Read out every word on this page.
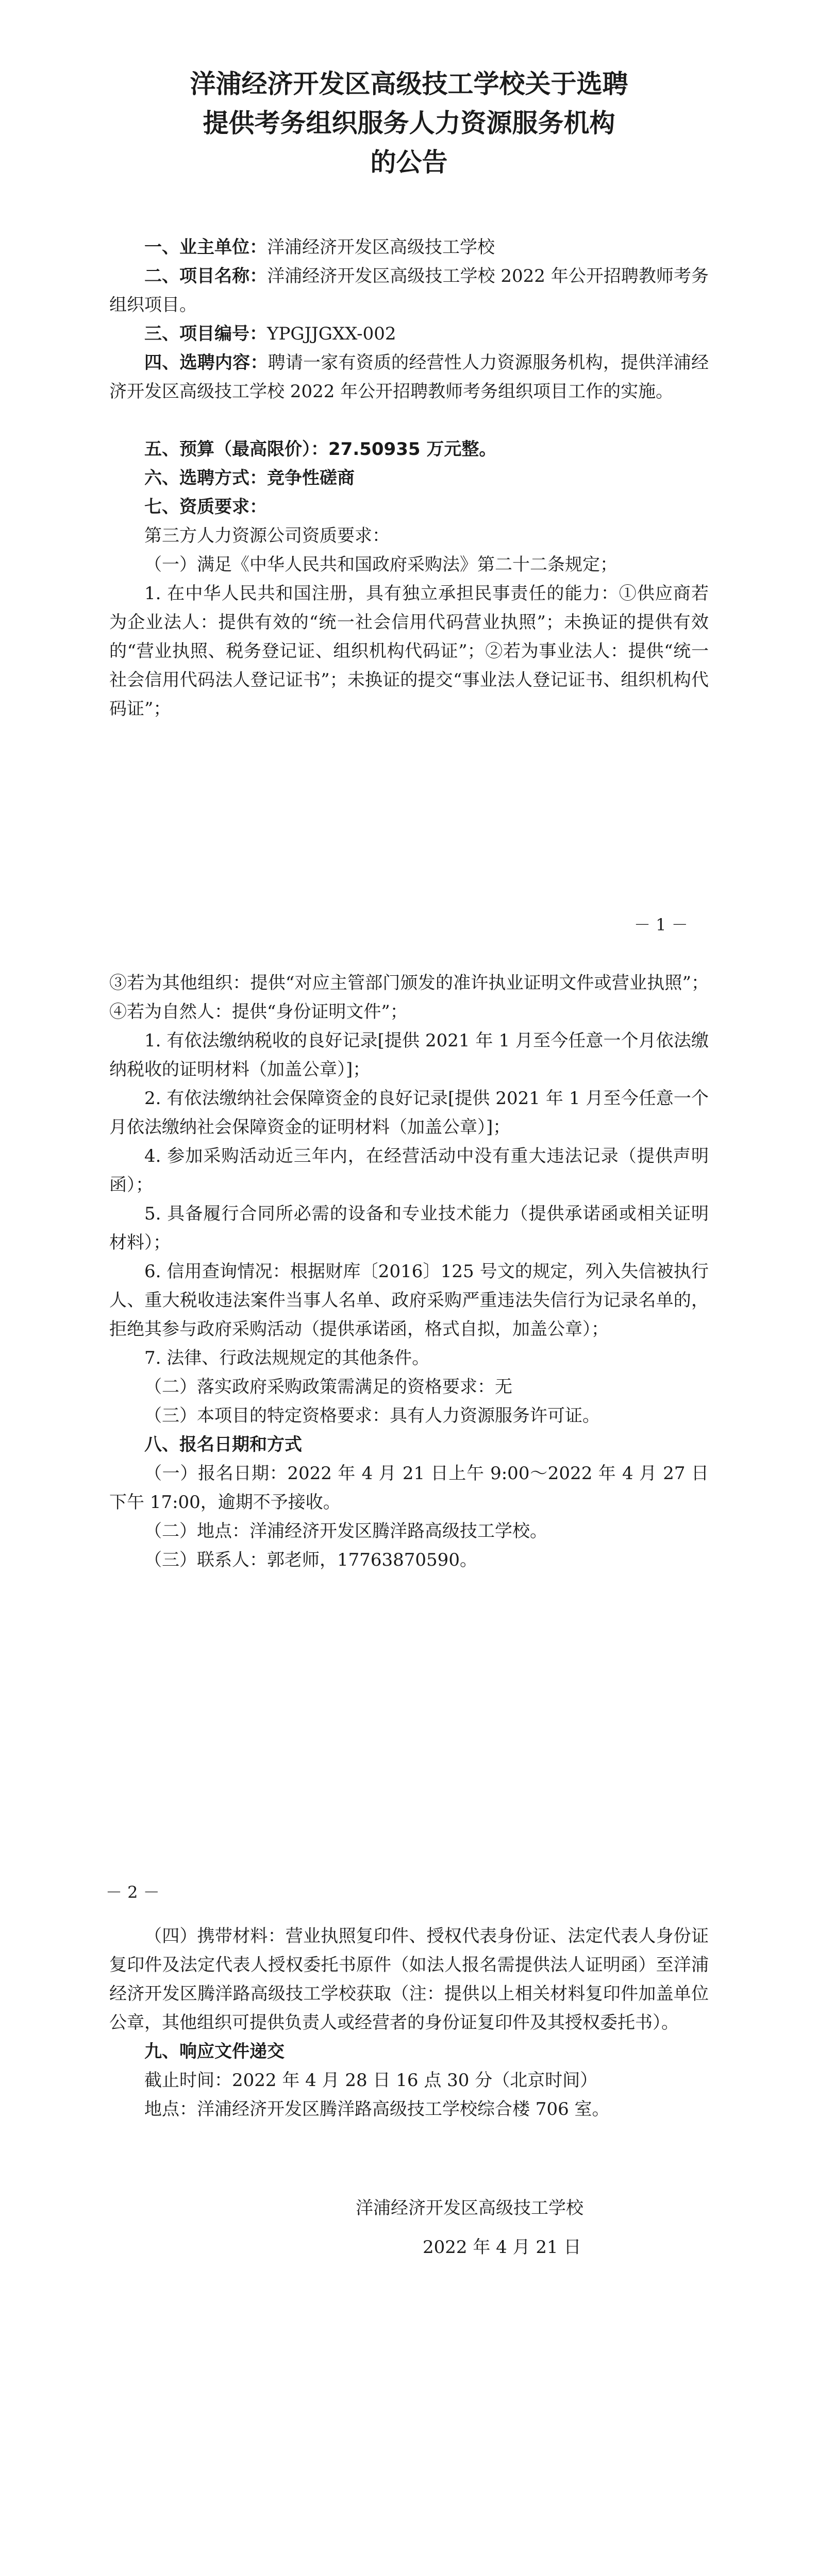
洋浦经济开发区高级技工学校关于选聘
提供考务组织服务人力资源服务机构
的公告
一、业主单位：洋浦经济开发区高级技工学校
二、项目名称：洋浦经济开发区高级技工学校 2022 年公开招聘教师考务组织项目。
三、项目编号：YPGJJGXX-002
四、选聘内容：聘请一家有资质的经营性人力资源服务机构，提供洋浦经济开发区高级技工学校 2022 年公开招聘教师考务组织项目工作的实施。
五、预算（最高限价）：27.50935 万元整。
六、选聘方式：竞争性磋商
七、资质要求：
第三方人力资源公司资质要求：
（一）满足《中华人民共和国政府采购法》第二十二条规定；
1. 在中华人民共和国注册，具有独立承担民事责任的能力：①供应商若为企业法人：提供有效的“统一社会信用代码营业执照”；未换证的提供有效的“营业执照、税务登记证、组织机构代码证”；②若为事业法人：提供“统一社会信用代码法人登记证书”；未换证的提交“事业法人登记证书、组织机构代码证”；
－ 1 －
③若为其他组织：提供“对应主管部门颁发的准许执业证明文件或营业执照”；④若为自然人：提供“身份证明文件”；
1. 有依法缴纳税收的良好记录[提供 2021 年 1 月至今任意一个月依法缴纳税收的证明材料（加盖公章）]；
2. 有依法缴纳社会保障资金的良好记录[提供 2021 年 1 月至今任意一个月依法缴纳社会保障资金的证明材料（加盖公章）]；
4. 参加采购活动近三年内，在经营活动中没有重大违法记录（提供声明函）；
5. 具备履行合同所必需的设备和专业技术能力（提供承诺函或相关证明材料）；
6. 信用查询情况：根据财库〔2016〕125 号文的规定，列入失信被执行人、重大税收违法案件当事人名单、政府采购严重违法失信行为记录名单的，拒绝其参与政府采购活动（提供承诺函，格式自拟，加盖公章）；
7. 法律、行政法规规定的其他条件。
（二）落实政府采购政策需满足的资格要求：无
（三）本项目的特定资格要求：具有人力资源服务许可证。
八、报名日期和方式
（一）报名日期：2022 年 4 月 21 日上午 9:00～2022 年 4 月 27 日下午 17:00，逾期不予接收。
（二）地点：洋浦经济开发区腾洋路高级技工学校。
（三）联系人：郭老师，17763870590。
－ 2 －
（四）携带材料：营业执照复印件、授权代表身份证、法定代表人身份证复印件及法定代表人授权委托书原件（如法人报名需提供法人证明函）至洋浦经济开发区腾洋路高级技工学校获取（注：提供以上相关材料复印件加盖单位公章，其他组织可提供负责人或经营者的身份证复印件及其授权委托书）。
九、响应文件递交
截止时间：2022 年 4 月 28 日 16 点 30 分（北京时间）
地点：洋浦经济开发区腾洋路高级技工学校综合楼 706 室。
洋浦经济开发区高级技工学校
2022 年 4 月 21 日
